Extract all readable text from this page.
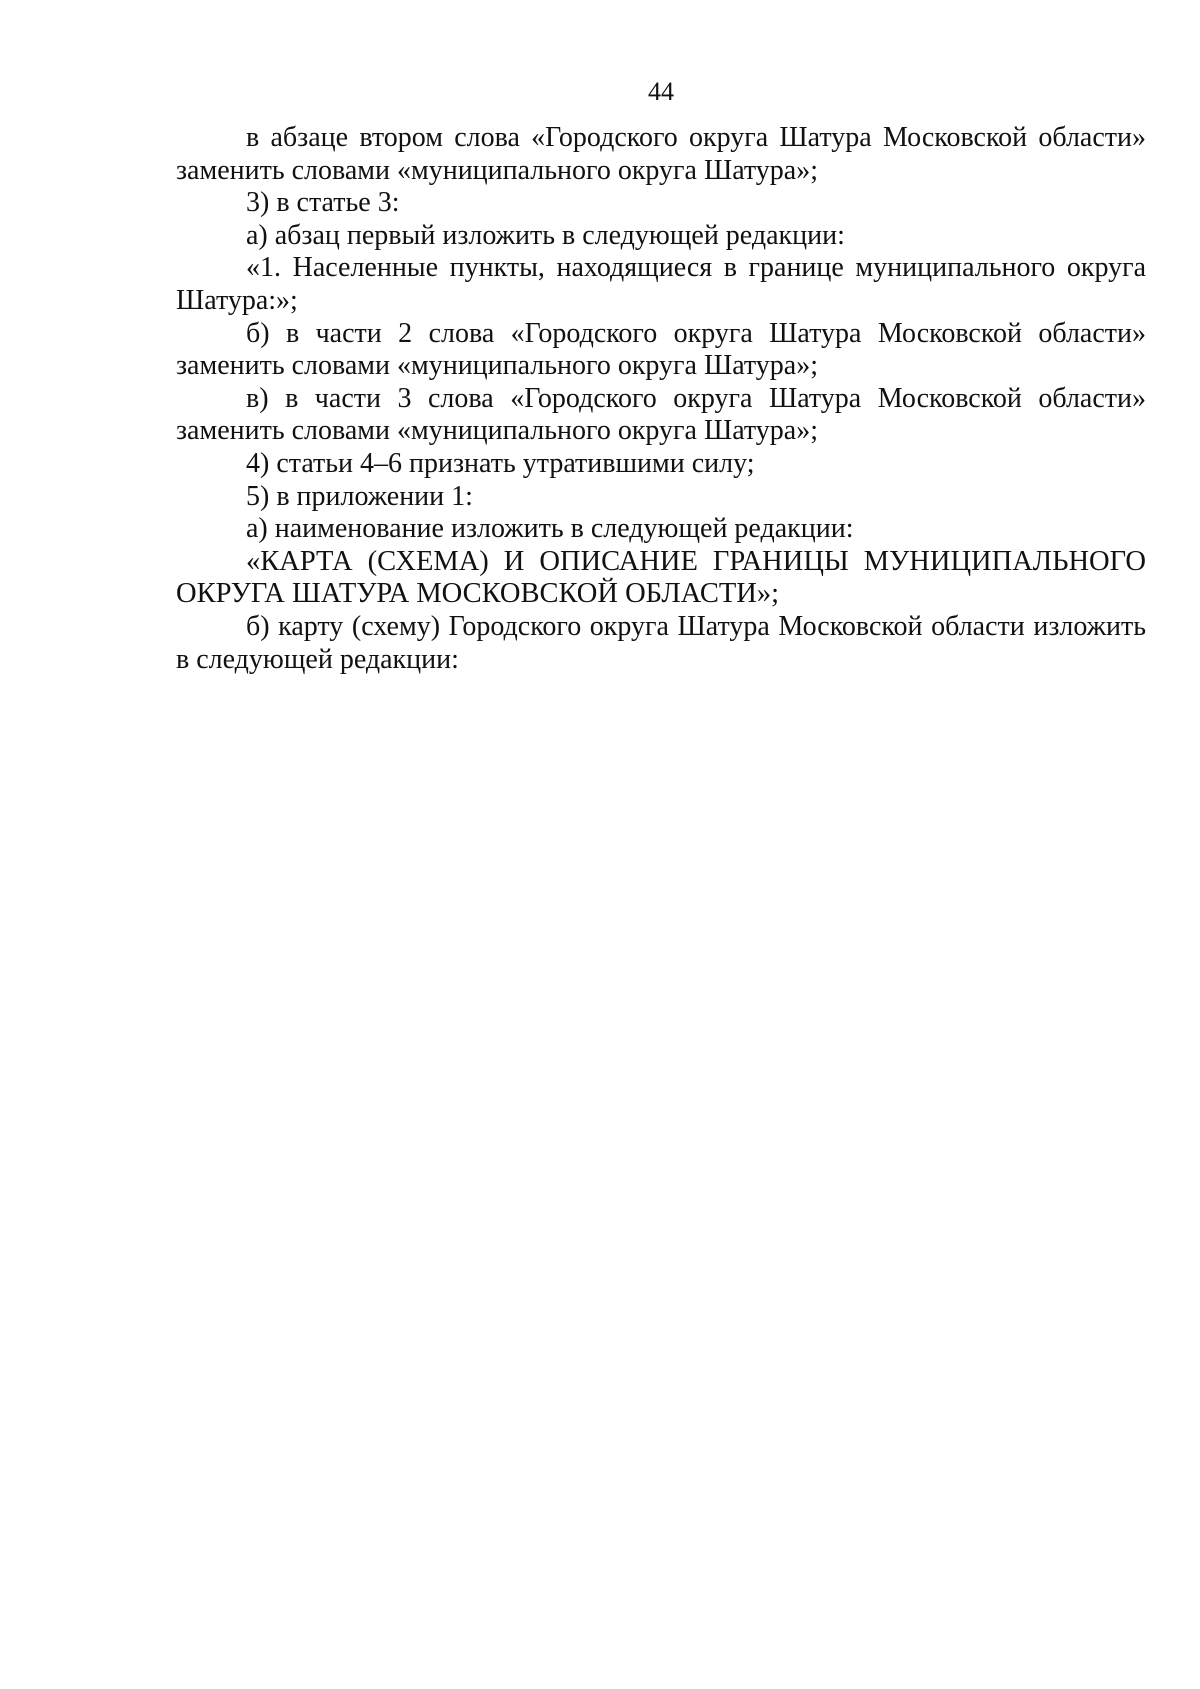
44

в абзаце втором слова «Городского округа Шатура Московской области» заменить словами «муниципального округа Шатура»;

3) в статье 3:

а) абзац первый изложить в следующей редакции:

«1. Населенные пункты, находящиеся в границе муниципального округа Шатура:»;

б) в части 2 слова «Городского округа Шатура Московской области» заменить словами «муниципального округа Шатура»;

в) в части 3 слова «Городского округа Шатура Московской области» заменить словами «муниципального округа Шатура»;

4) статьи 4–6 признать утратившими силу;

5) в приложении 1:

а) наименование изложить в следующей редакции:

«КАРТА (СХЕМА) И ОПИСАНИЕ ГРАНИЦЫ МУНИЦИПАЛЬНОГО ОКРУГА ШАТУРА МОСКОВСКОЙ ОБЛАСТИ»;

б) карту (схему) Городского округа Шатура Московской области изложить в следующей редакции:
